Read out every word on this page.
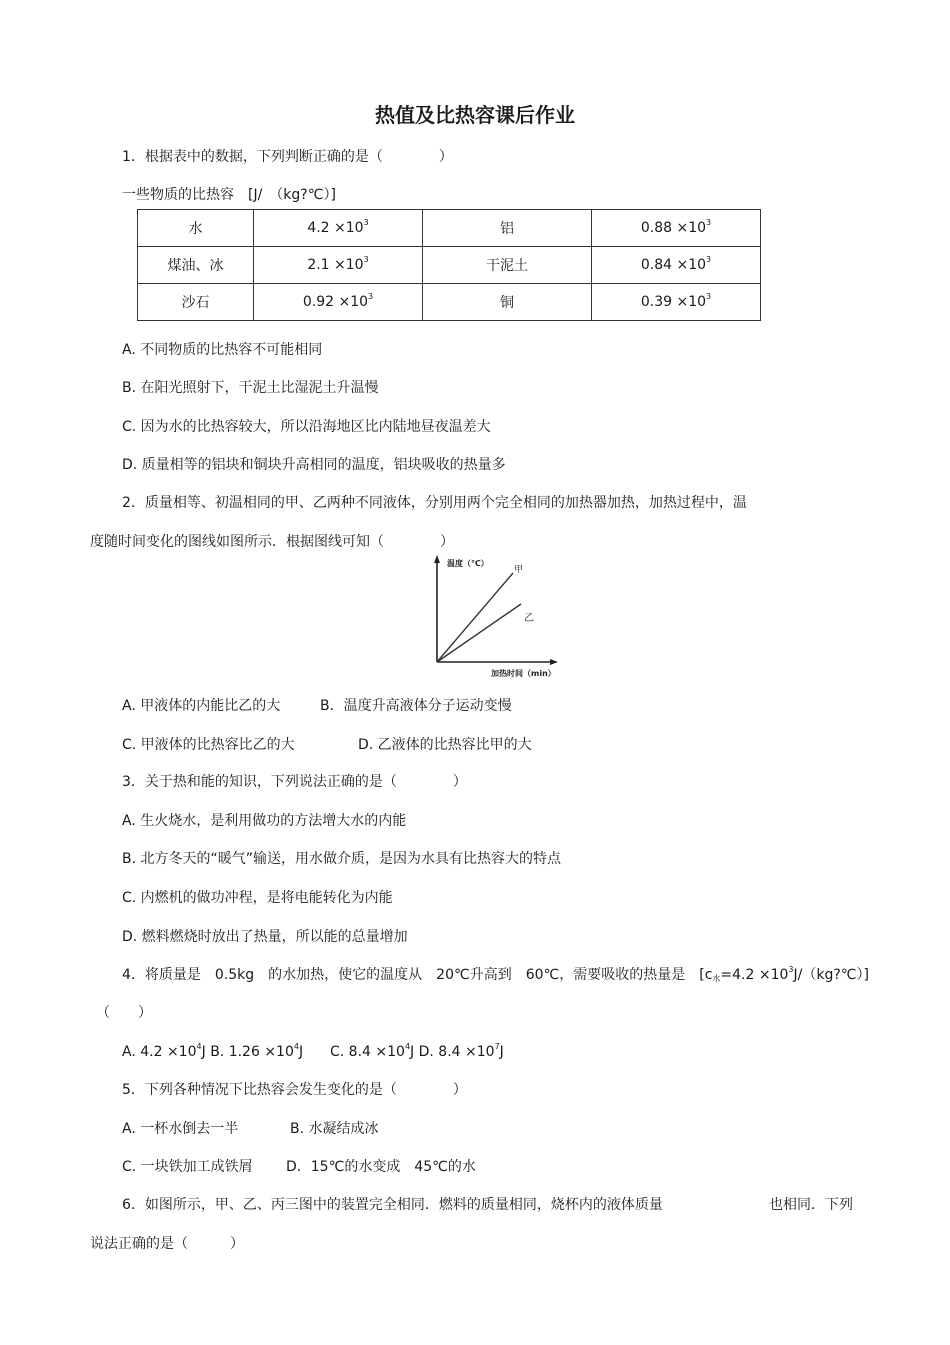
热值及比热容课后作业
1．根据表中的数据，下列判断正确的是（　　　　）
一些物质的比热容　[J/　（kg?℃）]
水	$4.2 \times 10^3$	铝	$0.88 \times 10^3$
煤油、冰	$2.1 \times 10^3$	干泥土	$0.84 \times 10^3$
沙石	$0.92 \times 10^3$	铜	$0.39 \times 10^3$
A. 不同物质的比热容不可能相同
B. 在阳光照射下，干泥土比湿泥土升温慢
C. 因为水的比热容较大，所以沿海地区比内陆地昼夜温差大
D. 质量相等的铝块和铜块升高相同的温度，铝块吸收的热量多
2．质量相等、初温相同的甲、乙两种不同液体，分别用两个完全相同的加热器加热，加热过程中，温
度随时间变化的图线如图所示．根据图线可知（　　　　）
温度（℃）
甲
乙
加热时间（min）
A. 甲液体的内能比乙的大	B．温度升高液体分子运动变慢
C. 甲液体的比热容比乙的大	D. 乙液体的比热容比甲的大
3．关于热和能的知识，下列说法正确的是（　　　　）
A. 生火烧水，是利用做功的方法增大水的内能
B. 北方冬天的“暖气”输送，用水做介质，是因为水具有比热容大的特点
C. 内燃机的做功冲程，是将电能转化为内能
D. 燃料燃烧时放出了热量，所以能的总量增加
4．将质量是　0.5kg　的水加热，使它的温度从　20℃升高到　60℃，需要吸收的热量是　[$c_水=4.2$ $\times 10^3J/(kg?℃)$]
（　　）
A. $4.2 \times 10^4J$ B. $1.26 \times 10^4J$ C. $8.4 \times 10^4J$ D. $8.4 \times 10^7J$
5．下列各种情况下比热容会发生变化的是（　　　　）
A. 一杯水倒去一半	B. 水凝结成冰
C. 一块铁加工成铁屑 D．15℃的水变成　45℃的水
6．如图所示，甲、乙、丙三图中的装置完全相同．燃料的质量相同，烧杯内的液体质量	也相同．下列
说法正确的是（　　　）
